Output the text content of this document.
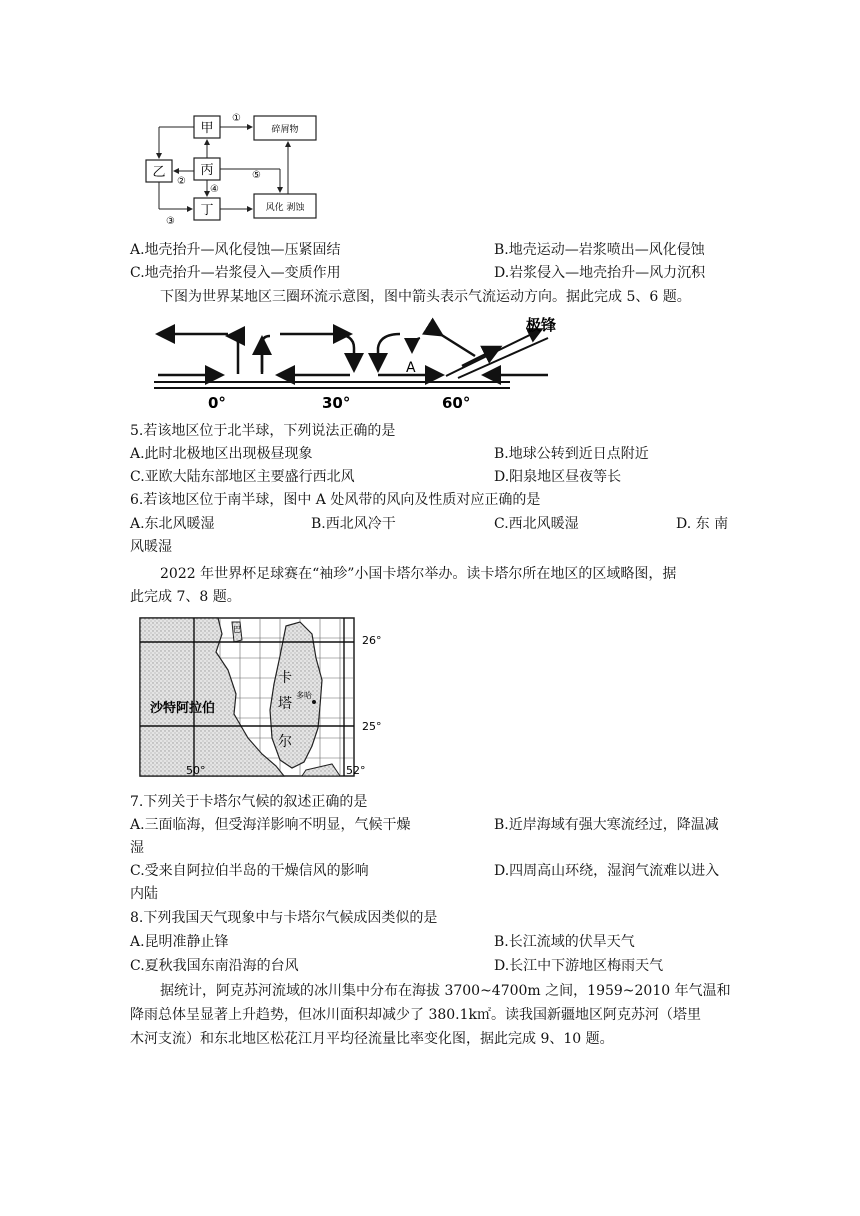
甲
乙	丙
丁
碎屑物
风化 剥蚀
①
②
③
④
⑤
A.地壳抬升—风化侵蚀—压紧固结	B.地壳运动—岩浆喷出—风化侵蚀
C.地壳抬升—岩浆侵入—变质作用	D.岩浆侵入—地壳抬升—风力沉积
下图为世界某地区三圈环流示意图，图中箭头表示气流运动方向。据此完成 5、6 题。
极锋
A
0°	30°	60°
5.若该地区位于北半球，下列说法正确的是
A.此时北极地区出现极昼现象	B.地球公转到近日点附近
C.亚欧大陆东部地区主要盛行西北风	D.阳泉地区昼夜等长
6.若该地区位于南半球，图中 A 处风带的风向及性质对应正确的是
A.东北风暖湿	B.西北风冷干	C.西北风暖湿	D. 东 南
风暖湿
2022 年世界杯足球赛在“袖珍”小国卡塔尔举办。读卡塔尔所在地区的区域略图，据
此完成 7、8 题。
26°
25°
50°	52°
沙特阿拉伯
卡
塔
尔
多哈
巴
7.下列关于卡塔尔气候的叙述正确的是
A.三面临海，但受海洋影响不明显，气候干燥	B.近岸海域有强大寒流经过，降温减
湿
C.受来自阿拉伯半岛的干燥信风的影响	D.四周高山环绕，湿润气流难以进入
内陆
8.下列我国天气现象中与卡塔尔气候成因类似的是
A.昆明准静止锋	B.长江流域的伏旱天气
C.夏秋我国东南沿海的台风	D.长江中下游地区梅雨天气
据统计，阿克苏河流域的冰川集中分布在海拔 3700~4700m 之间，1959~2010 年气温和
降雨总体呈显著上升趋势，但冰川面积却减少了 380.1k㎡。读我国新疆地区阿克苏河（塔里
木河支流）和东北地区松花江月平均径流量比率变化图，据此完成 9、10 题。
